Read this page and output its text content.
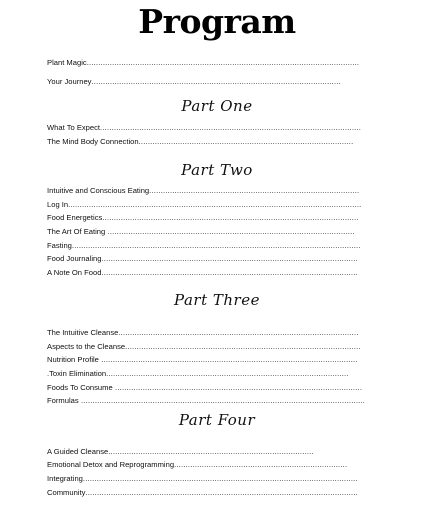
Program
Plant Magic......................................................................................................................
Your Journey............................................................................................................
Part One
What To Expect.................................................................................................................
The Mind Body Connection.............................................................................................
Part Two
Intuitive and Conscious Eating...........................................................................................
Log In...............................................................................................................................
Food Energetics...............................................................................................................
The Art Of Eating ...........................................................................................................
Fasting.............................................................................................................................
Food Journaling...............................................................................................................
A Note On Food...............................................................................................................
Part Three
The Intuitive Cleanse........................................................................................................
Aspects to the Cleanse......................................................................................................
Nutrition Profile ...............................................................................................................
.Toxin Elimination.........................................................................................................
Foods To Consume ...........................................................................................................
Formulas ...........................................................................................................................
Part Four
A Guided Cleanse.........................................................................................
Emotional Detox and Reprogramming...........................................................................
Integrating.......................................................................................................................
Community......................................................................................................................
